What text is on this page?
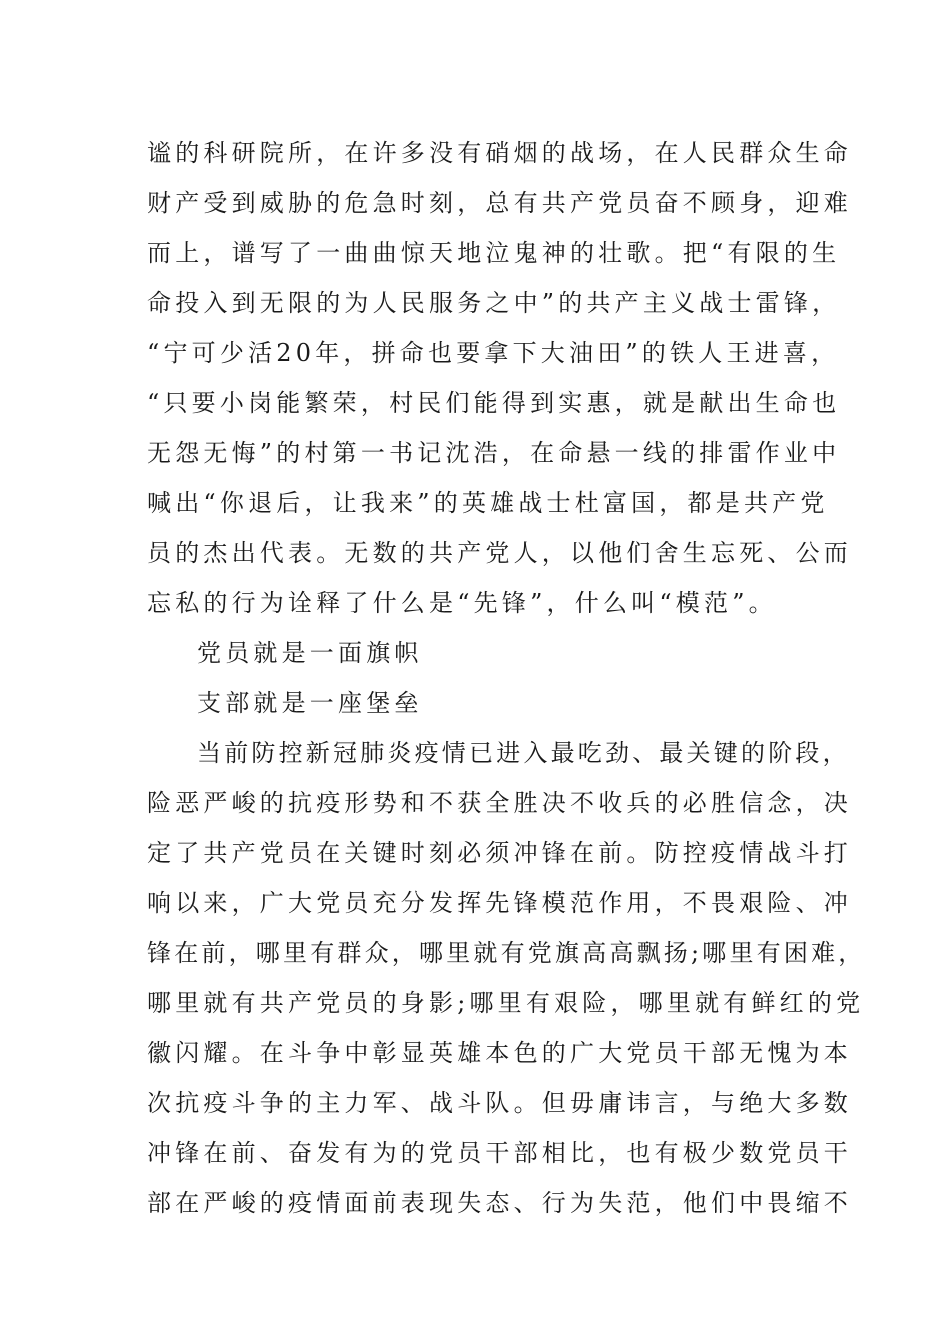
谧的科研院所，在许多没有硝烟的战场，在人民群众生命
财产受到威胁的危急时刻，总有共产党员奋不顾身，迎难
而上，谱写了一曲曲惊天地泣鬼神的壮歌。把“有限的生
命投入到无限的为人民服务之中”的共产主义战士雷锋，
“宁可少活20年，拼命也要拿下大油田”的铁人王进喜，
“只要小岗能繁荣，村民们能得到实惠，就是献出生命也
无怨无悔”的村第一书记沈浩，在命悬一线的排雷作业中
喊出“你退后，让我来”的英雄战士杜富国，都是共产党
员的杰出代表。无数的共产党人，以他们舍生忘死、公而
忘私的行为诠释了什么是“先锋”，什么叫“模范”。
党员就是一面旗帜
支部就是一座堡垒
当前防控新冠肺炎疫情已进入最吃劲、最关键的阶段，
险恶严峻的抗疫形势和不获全胜决不收兵的必胜信念，决
定了共产党员在关键时刻必须冲锋在前。防控疫情战斗打
响以来，广大党员充分发挥先锋模范作用，不畏艰险、冲
锋在前，哪里有群众，哪里就有党旗高高飘扬;哪里有困难，
哪里就有共产党员的身影;哪里有艰险，哪里就有鲜红的党
徽闪耀。在斗争中彰显英雄本色的广大党员干部无愧为本
次抗疫斗争的主力军、战斗队。但毋庸讳言，与绝大多数
冲锋在前、奋发有为的党员干部相比，也有极少数党员干
部在严峻的疫情面前表现失态、行为失范，他们中畏缩不
